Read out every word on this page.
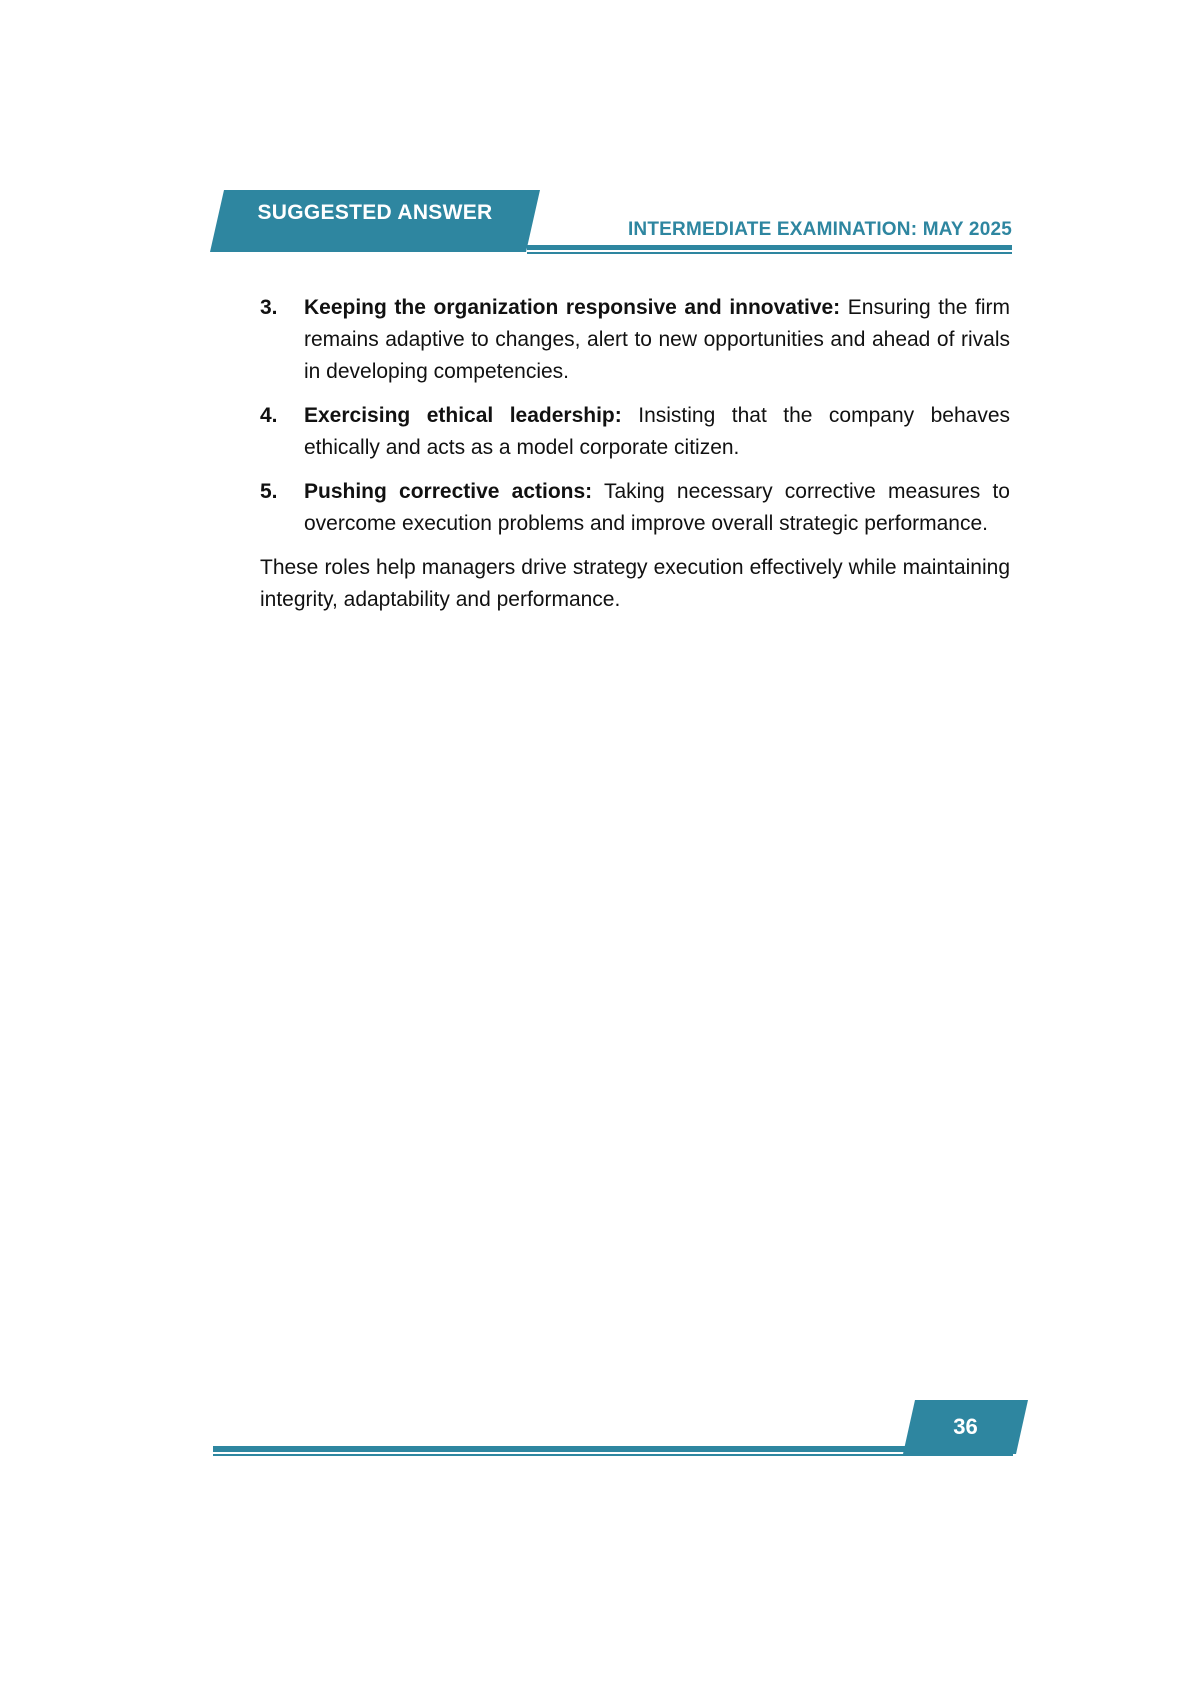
SUGGESTED ANSWER
INTERMEDIATE EXAMINATION: MAY 2025
3.	Keeping the organization responsive and innovative: Ensuring the firm remains adaptive to changes, alert to new opportunities and ahead of rivals in developing competencies.
4.	Exercising ethical leadership: Insisting that the company behaves ethically and acts as a model corporate citizen.
5.	Pushing corrective actions: Taking necessary corrective measures to overcome execution problems and improve overall strategic performance.

These roles help managers drive strategy execution effectively while maintaining integrity, adaptability and performance.

36
